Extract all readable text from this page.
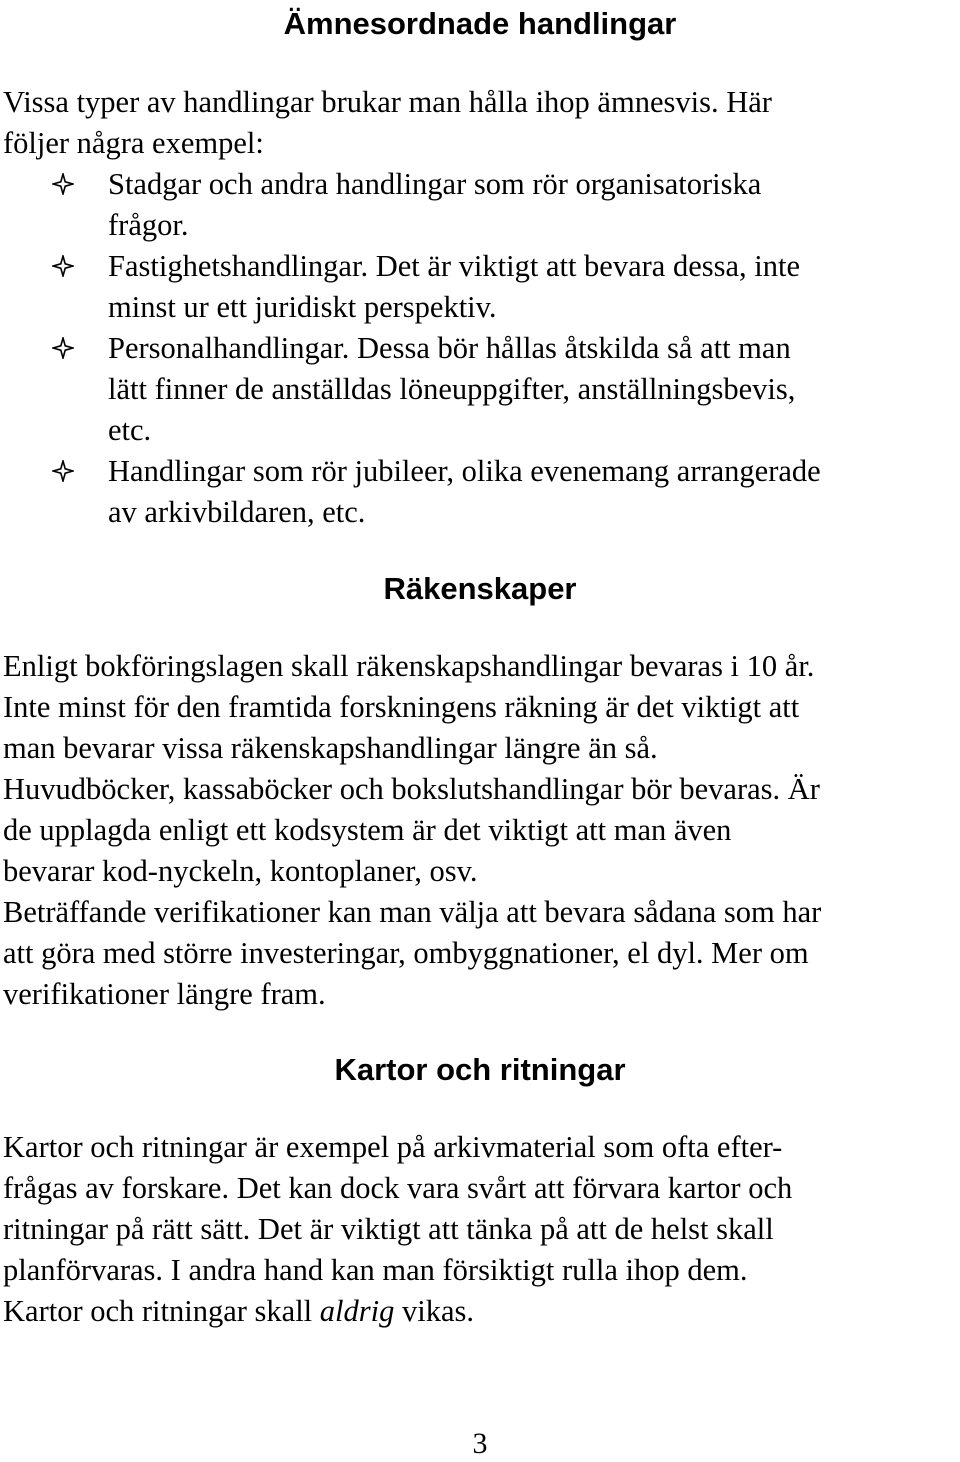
Ämnesordnade handlingar

Vissa typer av handlingar brukar man hålla ihop ämnesvis. Här
följer några exempel:

Stadgar och andra handlingar som rör organisatoriska
frågor.

Fastighetshandlingar. Det är viktigt att bevara dessa, inte
minst ur ett juridiskt perspektiv.

Personalhandlingar. Dessa bör hållas åtskilda så att man
lätt finner de anställdas löneuppgifter, anställningsbevis,
etc.

Handlingar som rör jubileer, olika evenemang arrangerade
av arkivbildaren, etc.

Räkenskaper

Enligt bokföringslagen skall räkenskapshandlingar bevaras i 10 år.
Inte minst för den framtida forskningens räkning är det viktigt att
man bevarar vissa räkenskapshandlingar längre än så.
Huvudböcker, kassaböcker och bokslutshandlingar bör bevaras. Är
de upplagda enligt ett kodsystem är det viktigt att man även
bevarar kod-nyckeln, kontoplaner, osv.
Beträffande verifikationer kan man välja att bevara sådana som har
att göra med större investeringar, ombyggnationer, el dyl. Mer om
verifikationer längre fram.

Kartor och ritningar

Kartor och ritningar är exempel på arkivmaterial som ofta efter-
frågas av forskare. Det kan dock vara svårt att förvara kartor och
ritningar på rätt sätt. Det är viktigt att tänka på att de helst skall
planförvaras. I andra hand kan man försiktigt rulla ihop dem.
Kartor och ritningar skall aldrig vikas.

3
